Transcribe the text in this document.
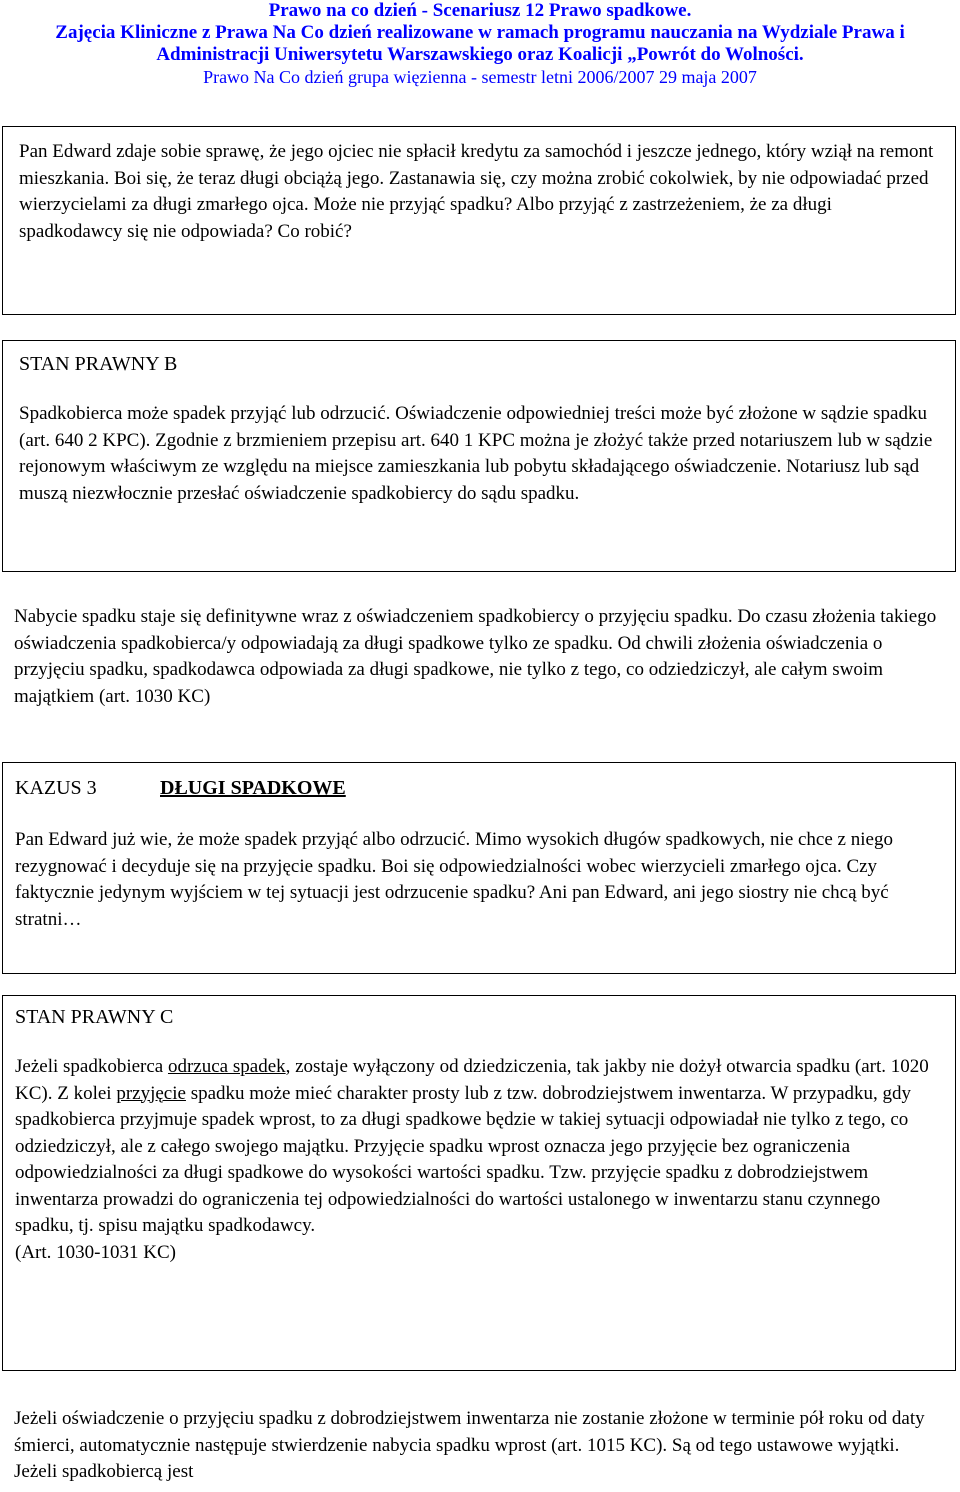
Prawo na co dzień - Scenariusz 12 Prawo spadkowe.
Zajęcia Kliniczne z Prawa Na Co dzień realizowane w ramach programu nauczania na Wydziale Prawa i
Administracji Uniwersytetu Warszawskiego oraz Koalicji „Powrót do Wolności.
Prawo Na Co dzień grupa więzienna - semestr letni 2006/2007 29 maja 2007

Pan Edward zdaje sobie sprawę, że jego ojciec nie spłacił kredytu za samochód i jeszcze jednego, który wziął na remont mieszkania. Boi się, że teraz długi obciążą jego. Zastanawia się, czy można zrobić cokolwiek, by nie odpowiadać przed wierzycielami za długi zmarłego ojca. Może nie przyjąć spadku? Albo przyjąć z zastrzeżeniem, że za długi spadkodawcy się nie odpowiada? Co robić?

STAN PRAWNY B

Spadkobierca może spadek przyjąć lub odrzucić. Oświadczenie odpowiedniej treści może być złożone w sądzie spadku (art. 640 2 KPC). Zgodnie z brzmieniem przepisu art. 640 1 KPC można je złożyć także przed notariuszem lub w sądzie rejonowym właściwym ze względu na miejsce zamieszkania lub pobytu składającego oświadczenie. Notariusz lub sąd muszą niezwłocznie przesłać oświadczenie spadkobiercy do sądu spadku.

Nabycie spadku staje się definitywne wraz z oświadczeniem spadkobiercy o przyjęciu spadku. Do czasu złożenia takiego oświadczenia spadkobierca/y odpowiadają za długi spadkowe tylko ze spadku. Od chwili złożenia oświadczenia o przyjęciu spadku, spadkodawca odpowiada za długi spadkowe, nie tylko z tego, co odziedziczył, ale całym swoim majątkiem (art. 1030 KC)

KAZUS 3	DŁUGI SPADKOWE

Pan Edward już wie, że może spadek przyjąć albo odrzucić. Mimo wysokich długów spadkowych, nie chce z niego rezygnować i decyduje się na przyjęcie spadku. Boi się odpowiedzialności wobec wierzycieli zmarłego ojca. Czy faktycznie jedynym wyjściem w tej sytuacji jest odrzucenie spadku? Ani pan Edward, ani jego siostry nie chcą być stratni…

STAN PRAWNY C

Jeżeli spadkobierca odrzuca spadek, zostaje wyłączony od dziedziczenia, tak jakby nie dożył otwarcia spadku (art. 1020 KC). Z kolei przyjęcie spadku może mieć charakter prosty lub z tzw. dobrodziejstwem inwentarza. W przypadku, gdy spadkobierca przyjmuje spadek wprost, to za długi spadkowe będzie w takiej sytuacji odpowiadał nie tylko z tego, co odziedziczył, ale z całego swojego majątku. Przyjęcie spadku wprost oznacza jego przyjęcie bez ograniczenia odpowiedzialności za długi spadkowe do wysokości wartości spadku. Tzw. przyjęcie spadku z dobrodziejstwem inwentarza prowadzi do ograniczenia tej odpowiedzialności do wartości ustalonego w inwentarzu stanu czynnego spadku, tj. spisu majątku spadkodawcy.
(Art. 1030-1031 KC)

Jeżeli oświadczenie o przyjęciu spadku z dobrodziejstwem inwentarza nie zostanie złożone w terminie pół roku od daty śmierci, automatycznie następuje stwierdzenie nabycia spadku wprost (art. 1015 KC). Są od tego ustawowe wyjątki. Jeżeli spadkobiercą jest
